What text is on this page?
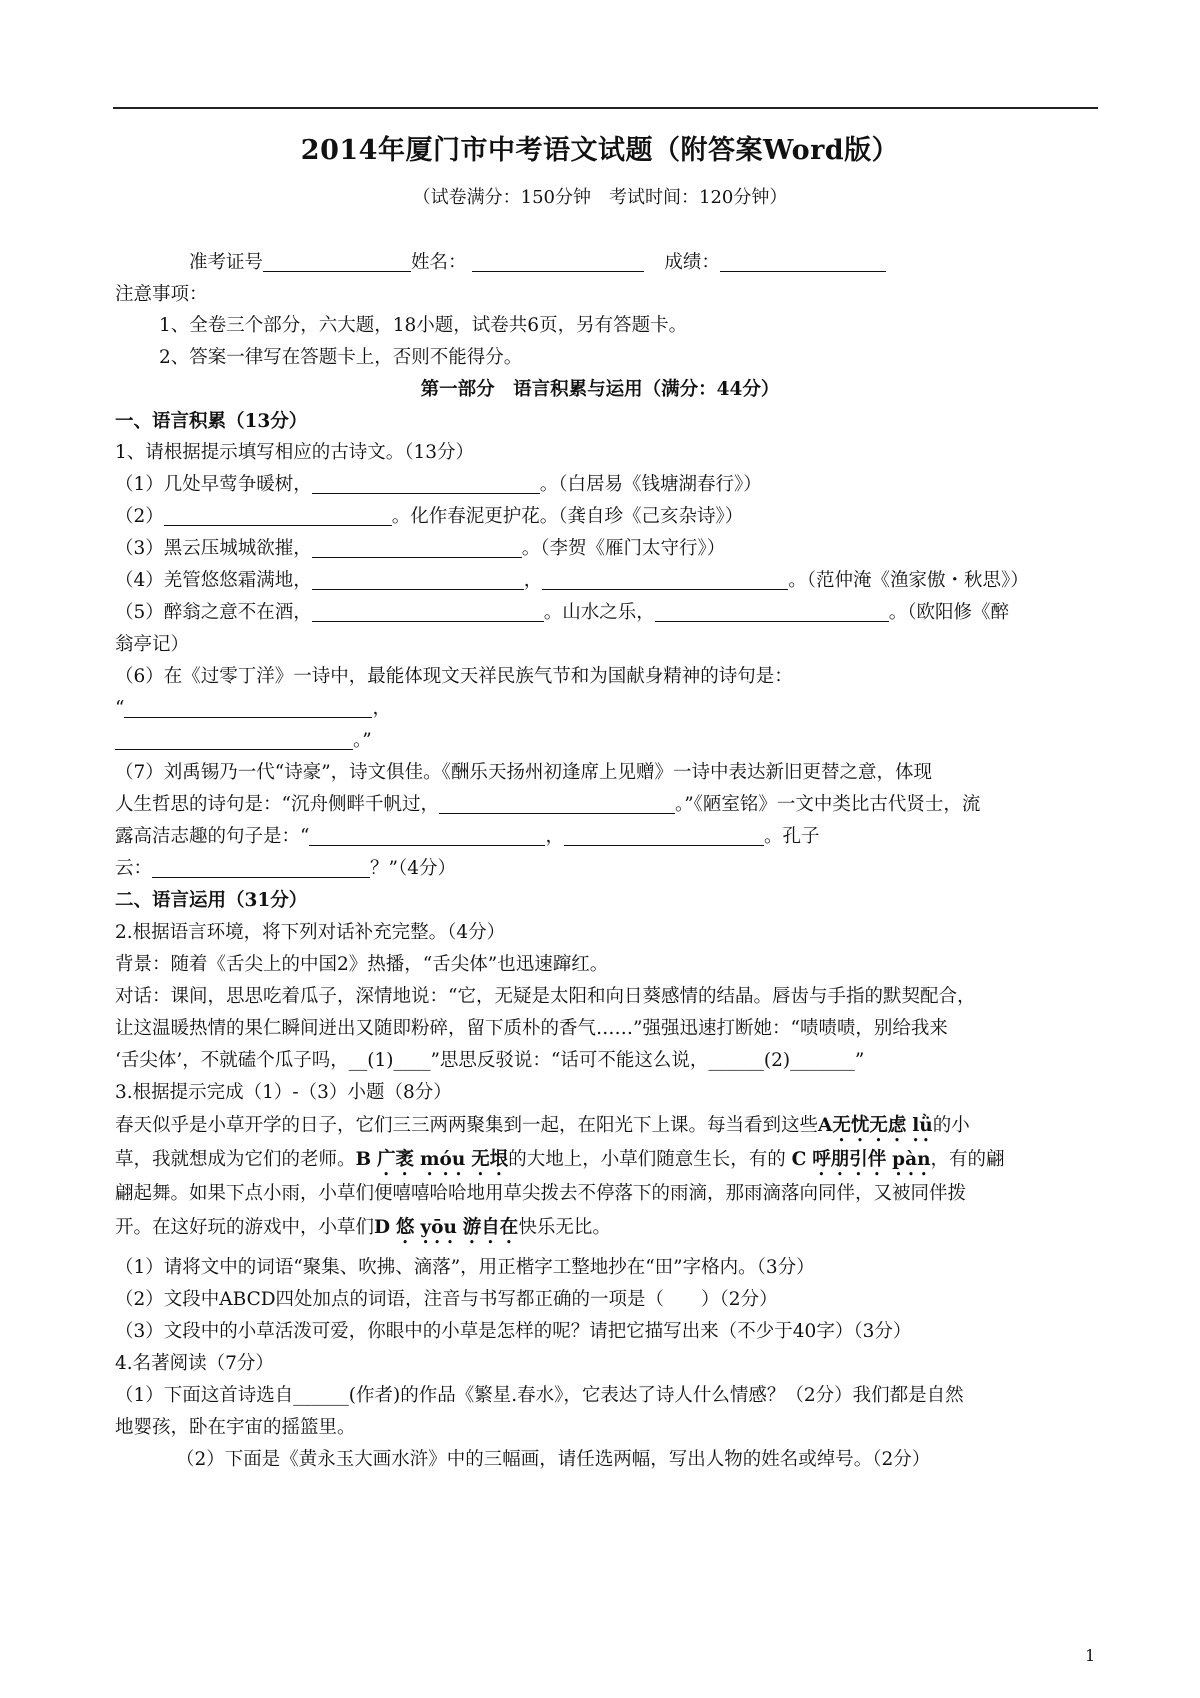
2014年厦门市中考语文试题（附答案Word版）
（试卷满分：150分钟　考试时间：120分钟）
准考证号	姓名：	成绩：
注意事项：
1、全卷三个部分，六大题，18小题，试卷共6页，另有答题卡。
2、答案一律写在答题卡上，否则不能得分。
第一部分　语言积累与运用（满分：44分）
一、语言积累（13分）
1、请根据提示填写相应的古诗文。（13分）
（1）几处早莺争暖树，	。（白居易《钱塘湖春行》）
（2）	。化作春泥更护花。（龚自珍《己亥杂诗》）
（3）黑云压城城欲摧，	。（李贺《雁门太守行》）
（4）羌管悠悠霜满地，	，	。（范仲淹《渔家傲・秋思》）
（5）醉翁之意不在酒，	。山水之乐，	。（欧阳修《醉
翁亭记）
（6）在《过零丁洋》一诗中，最能体现文天祥民族气节和为国献身精神的诗句是：
“	，
。”
（7）刘禹锡乃一代“诗豪”，诗文俱佳。《酬乐天扬州初逢席上见赠》一诗中表达新旧更替之意，体现
人生哲思的诗句是：“沉舟侧畔千帆过，	。”《陋室铭》一文中类比古代贤士，流
露高洁志趣的句子是：“	，	。孔子
云：	？”（4分）
二、语言运用（31分）
2.根据语言环境，将下列对话补充完整。（4分）
背景：随着《舌尖上的中国2》热播，“舌尖体”也迅速蹿红。
对话：课间，思思吃着瓜子，深情地说：“它，无疑是太阳和向日葵感情的结晶。唇齿与手指的默契配合，
让这温暖热情的果仁瞬间迸出又随即粉碎，留下质朴的香气……”强强迅速打断她：“啧啧啧，别给我来
‘舌尖体’，不就磕个瓜子吗，__(1)____”思思反驳说：“话可不能这么说，______(2)_______”
3.根据提示完成（1）-（3）小题（8分）
春天似乎是小草开学的日子，它们三三两两聚集到一起，在阳光下上课。每当看到这些A无忧无虑 lǜ的小
草，我就想成为它们的老师。B 广袤 móu 无垠的大地上，小草们随意生长，有的 C 呼朋引伴 pàn，有的翩
翩起舞。如果下点小雨，小草们便嘻嘻哈哈地用草尖拨去不停落下的雨滴，那雨滴落向同伴，又被同伴拨
开。在这好玩的游戏中，小草们D 悠 yōu 游自在快乐无比。
（1）请将文中的词语“聚集、吹拂、滴落”，用正楷字工整地抄在“田”字格内。（3分）
（2）文段中ABCD四处加点的词语，注音与书写都正确的一项是（　　）（2分）
（3）文段中的小草活泼可爱，你眼中的小草是怎样的呢？请把它描写出来（不少于40字）（3分）
4.名著阅读（7分）
（1）下面这首诗选自______(作者)的作品《繁星.春水》，它表达了诗人什么情感？（2分）我们都是自然
地婴孩，卧在宇宙的摇篮里。
（2）下面是《黄永玉大画水浒》中的三幅画，请任选两幅，写出人物的姓名或绰号。（2分）
1
